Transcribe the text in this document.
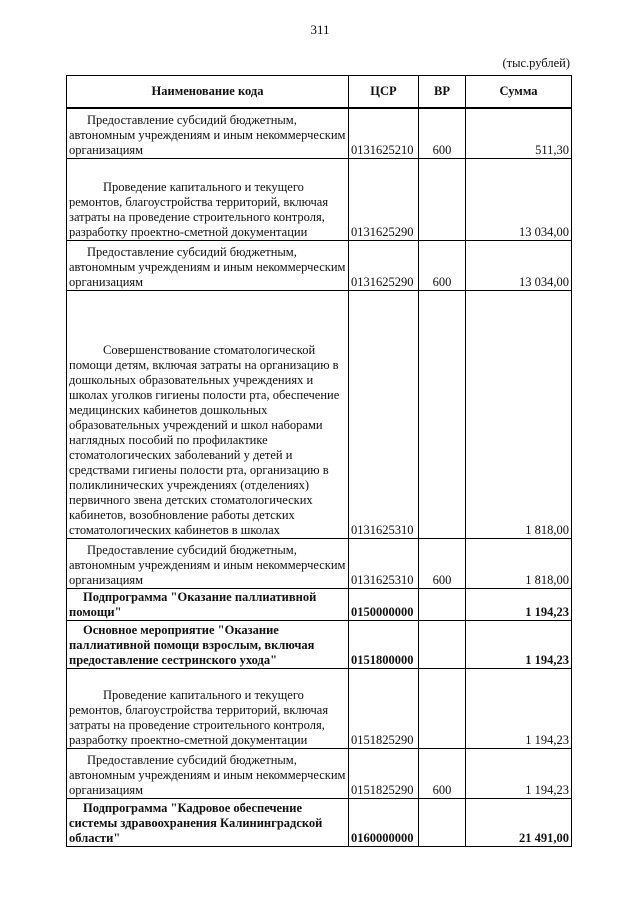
311
(тыс.рублей)
Наименование кода	ЦСР	ВР	Сумма

Предоставление субсидий бюджетным, автономным учреждениям и иным некоммерческим организациям	0131625210	600	511,30

Проведение капитального и текущего ремонтов, благоустройства территорий, включая затраты на проведение строительного контроля, разработку проектно-сметной документации	0131625290		13 034,00

Предоставление субсидий бюджетным, автономным учреждениям и иным некоммерческим организациям	0131625290	600	13 034,00

Совершенствование стоматологической помощи детям, включая затраты на организацию в дошкольных образовательных учреждениях и школах уголков гигиены полости рта, обеспечение медицинских кабинетов дошкольных образовательных учреждений и школ наборами наглядных пособий по профилактике стоматологических заболеваний у детей и средствами гигиены полости рта, организацию в поликлинических учреждениях (отделениях) первичного звена детских стоматологических кабинетов, возобновление работы детских стоматологических кабинетов в школах	0131625310		1 818,00

Предоставление субсидий бюджетным, автономным учреждениям и иным некоммерческим организациям	0131625310	600	1 818,00

Подпрограмма "Оказание паллиативной помощи"	0150000000		1 194,23

Основное мероприятие "Оказание паллиативной помощи взрослым, включая предоставление сестринского ухода"	0151800000		1 194,23

Проведение капитального и текущего ремонтов, благоустройства территорий, включая затраты на проведение строительного контроля, разработку проектно-сметной документации	0151825290		1 194,23

Предоставление субсидий бюджетным, автономным учреждениям и иным некоммерческим организациям	0151825290	600	1 194,23

Подпрограмма "Кадровое обеспечение системы здравоохранения Калининградской области"	0160000000		21 491,00
